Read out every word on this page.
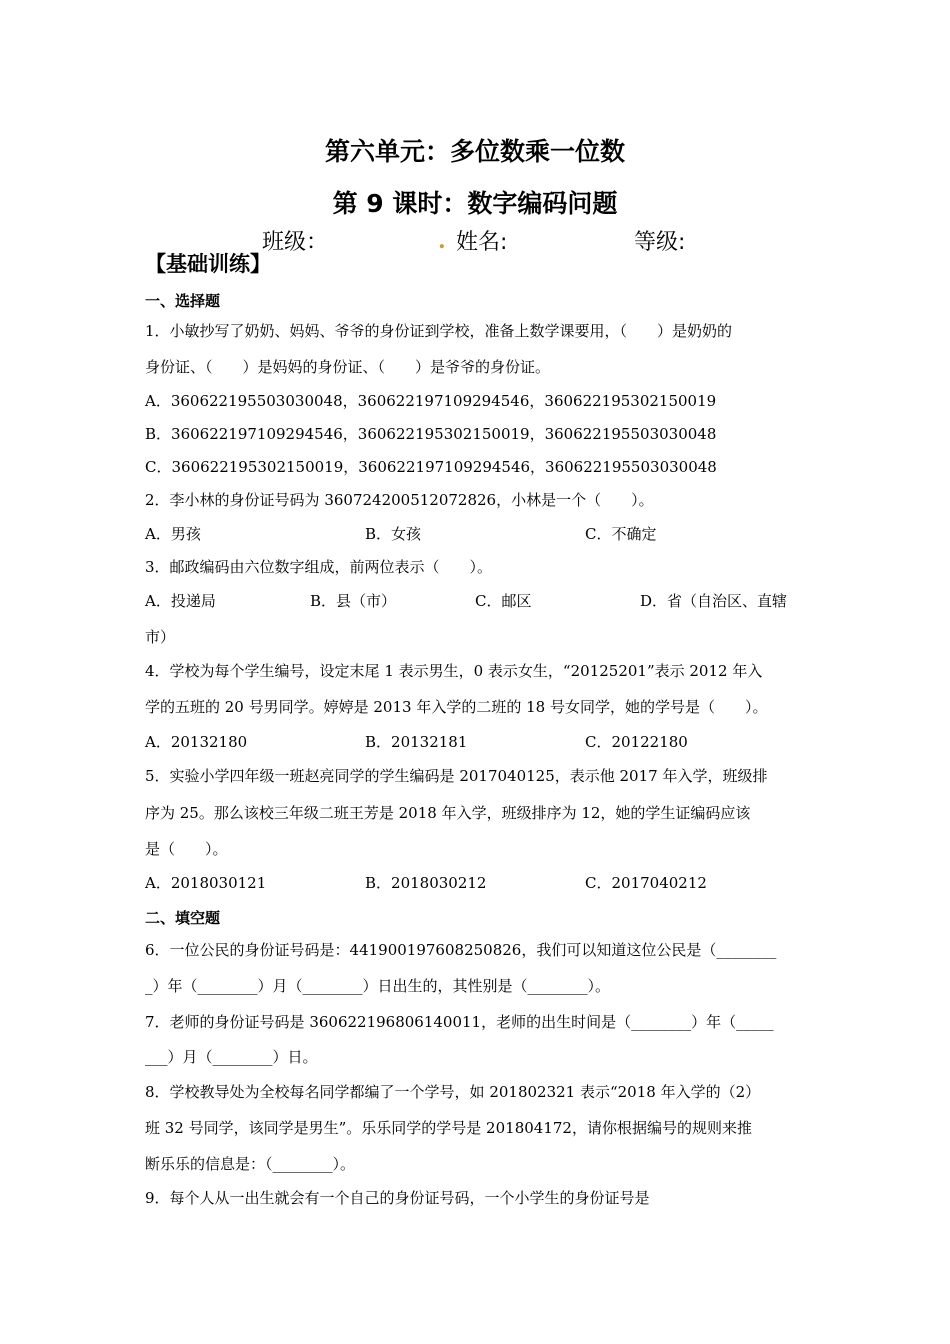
第六单元：多位数乘一位数
第 9 课时：数字编码问题
班级：	. 姓名:	等级:
【基础训练】
一、选择题
1．小敏抄写了奶奶、妈妈、爷爷的身份证到学校，准备上数学课要用，（　　）是奶奶的
身份证、（　　）是妈妈的身份证、（　　）是爷爷的身份证。
A．360622195503030048，360622197109294546，360622195302150019
B．360622197109294546，360622195302150019，360622195503030048
C．360622195302150019，360622197109294546，360622195503030048
2．李小林的身份证号码为 360724200512072826，小林是一个（　　）。
A．男孩	B．女孩	C．不确定
3．邮政编码由六位数字组成，前两位表示（　　）。
A．投递局	B．县（市）	C．邮区	D．省（自治区、直辖
市）
4．学校为每个学生编号，设定末尾 1 表示男生，0 表示女生，“20125201”表示 2012 年入
学的五班的 20 号男同学。婷婷是 2013 年入学的二班的 18 号女同学，她的学号是（　　）。
A．20132180	B．20132181	C．20122180
5．实验小学四年级一班赵亮同学的学生编码是 2017040125，表示他 2017 年入学，班级排
序为 25。那么该校三年级二班王芳是 2018 年入学，班级排序为 12，她的学生证编码应该
是（　　）。
A．2018030121	B．2018030212	C．2017040212
二、填空题
6．一位公民的身份证号码是：441900197608250826，我们可以知道这位公民是（________
_）年（________）月（________）日出生的，其性别是（________）。
7．老师的身份证号码是 360622196806140011，老师的出生时间是（________）年（_____
___）月（________）日。
8．学校教导处为全校每名同学都编了一个学号，如 201802321 表示“2018 年入学的（2）
班 32 号同学，该同学是男生”。乐乐同学的学号是 201804172，请你根据编号的规则来推
断乐乐的信息是：（________）。
9．每个人从一出生就会有一个自己的身份证号码，一个小学生的身份证号是
